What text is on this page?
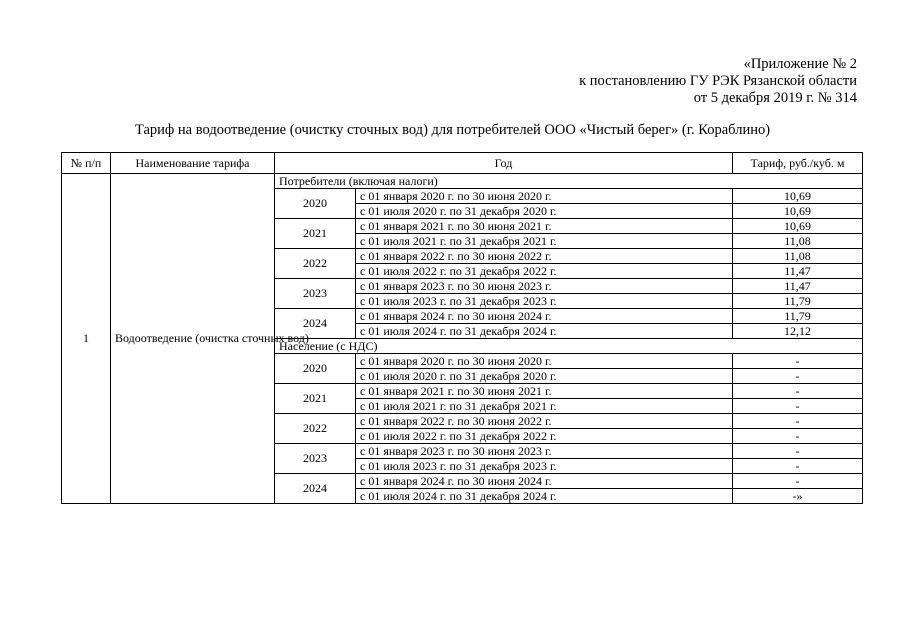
«Приложение № 2
к постановлению ГУ РЭК Рязанской области
от 5 декабря 2019 г. № 314
Тариф на водоотведение (очистку сточных вод) для потребителей ООО «Чистый берег» (г. Кораблино)
№ п/п	Наименование тарифа	Год		Тариф, руб./куб. м
1	Водоотведение (очистка сточных вод)	Потребители (включая налоги)		
		2020	с 01 января 2020 г. по 30 июня 2020 г.	10,69
			с 01 июля 2020 г. по 31 декабря 2020 г.	10,69
		2021	с 01 января 2021 г. по 30 июня 2021 г.	10,69
			с 01 июля 2021 г. по 31 декабря 2021 г.	11,08
		2022	с 01 января 2022 г. по 30 июня 2022 г.	11,08
			с 01 июля 2022 г. по 31 декабря 2022 г.	11,47
		2023	с 01 января 2023 г. по 30 июня 2023 г.	11,47
			с 01 июля 2023 г. по 31 декабря 2023 г.	11,79
		2024	с 01 января 2024 г. по 30 июня 2024 г.	11,79
			с 01 июля 2024 г. по 31 декабря 2024 г.	12,12
		Население (с НДС)		
		2020	с 01 января 2020 г. по 30 июня 2020 г.	-
			с 01 июля 2020 г. по 31 декабря 2020 г.	-
		2021	с 01 января 2021 г. по 30 июня 2021 г.	-
			с 01 июля 2021 г. по 31 декабря 2021 г.	-
		2022	с 01 января 2022 г. по 30 июня 2022 г.	-
			с 01 июля 2022 г. по 31 декабря 2022 г.	-
		2023	с 01 января 2023 г. по 30 июня 2023 г.	-
			с 01 июля 2023 г. по 31 декабря 2023 г.	-
		2024	с 01 января 2024 г. по 30 июня 2024 г.	-
			с 01 июля 2024 г. по 31 декабря 2024 г.	-»
